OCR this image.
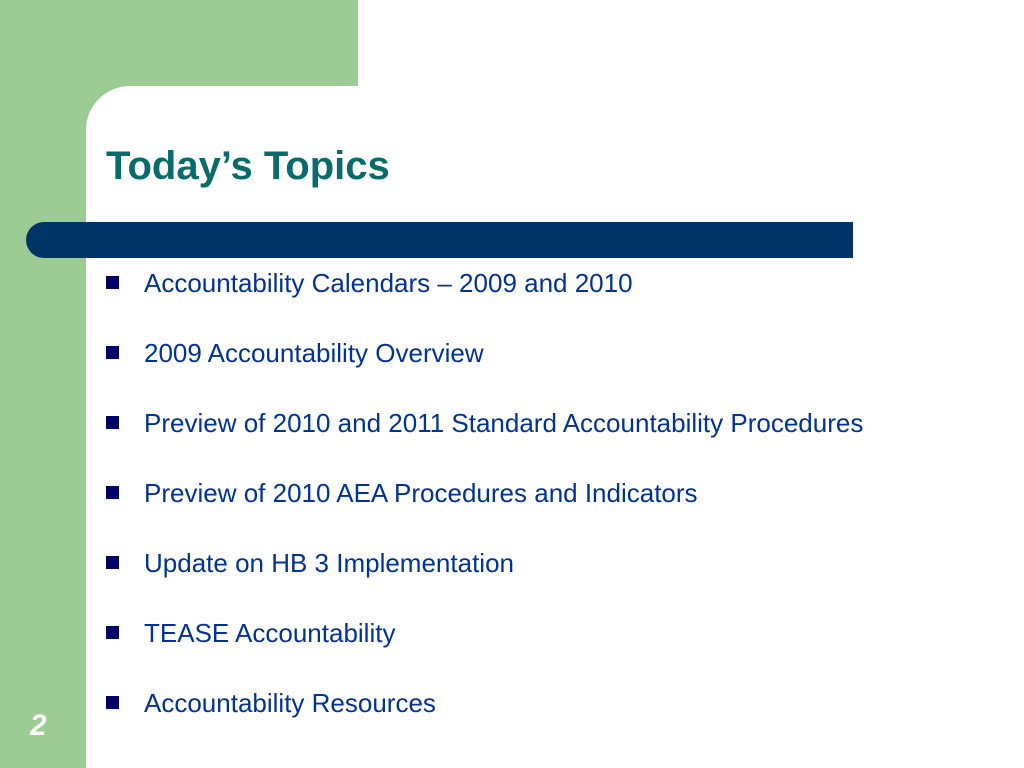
Today’s Topics
Accountability Calendars – 2009 and 2010
2009 Accountability Overview
Preview of 2010 and 2011 Standard Accountability Procedures
Preview of 2010 AEA Procedures and Indicators
Update on HB 3 Implementation
TEASE Accountability
Accountability Resources
2
